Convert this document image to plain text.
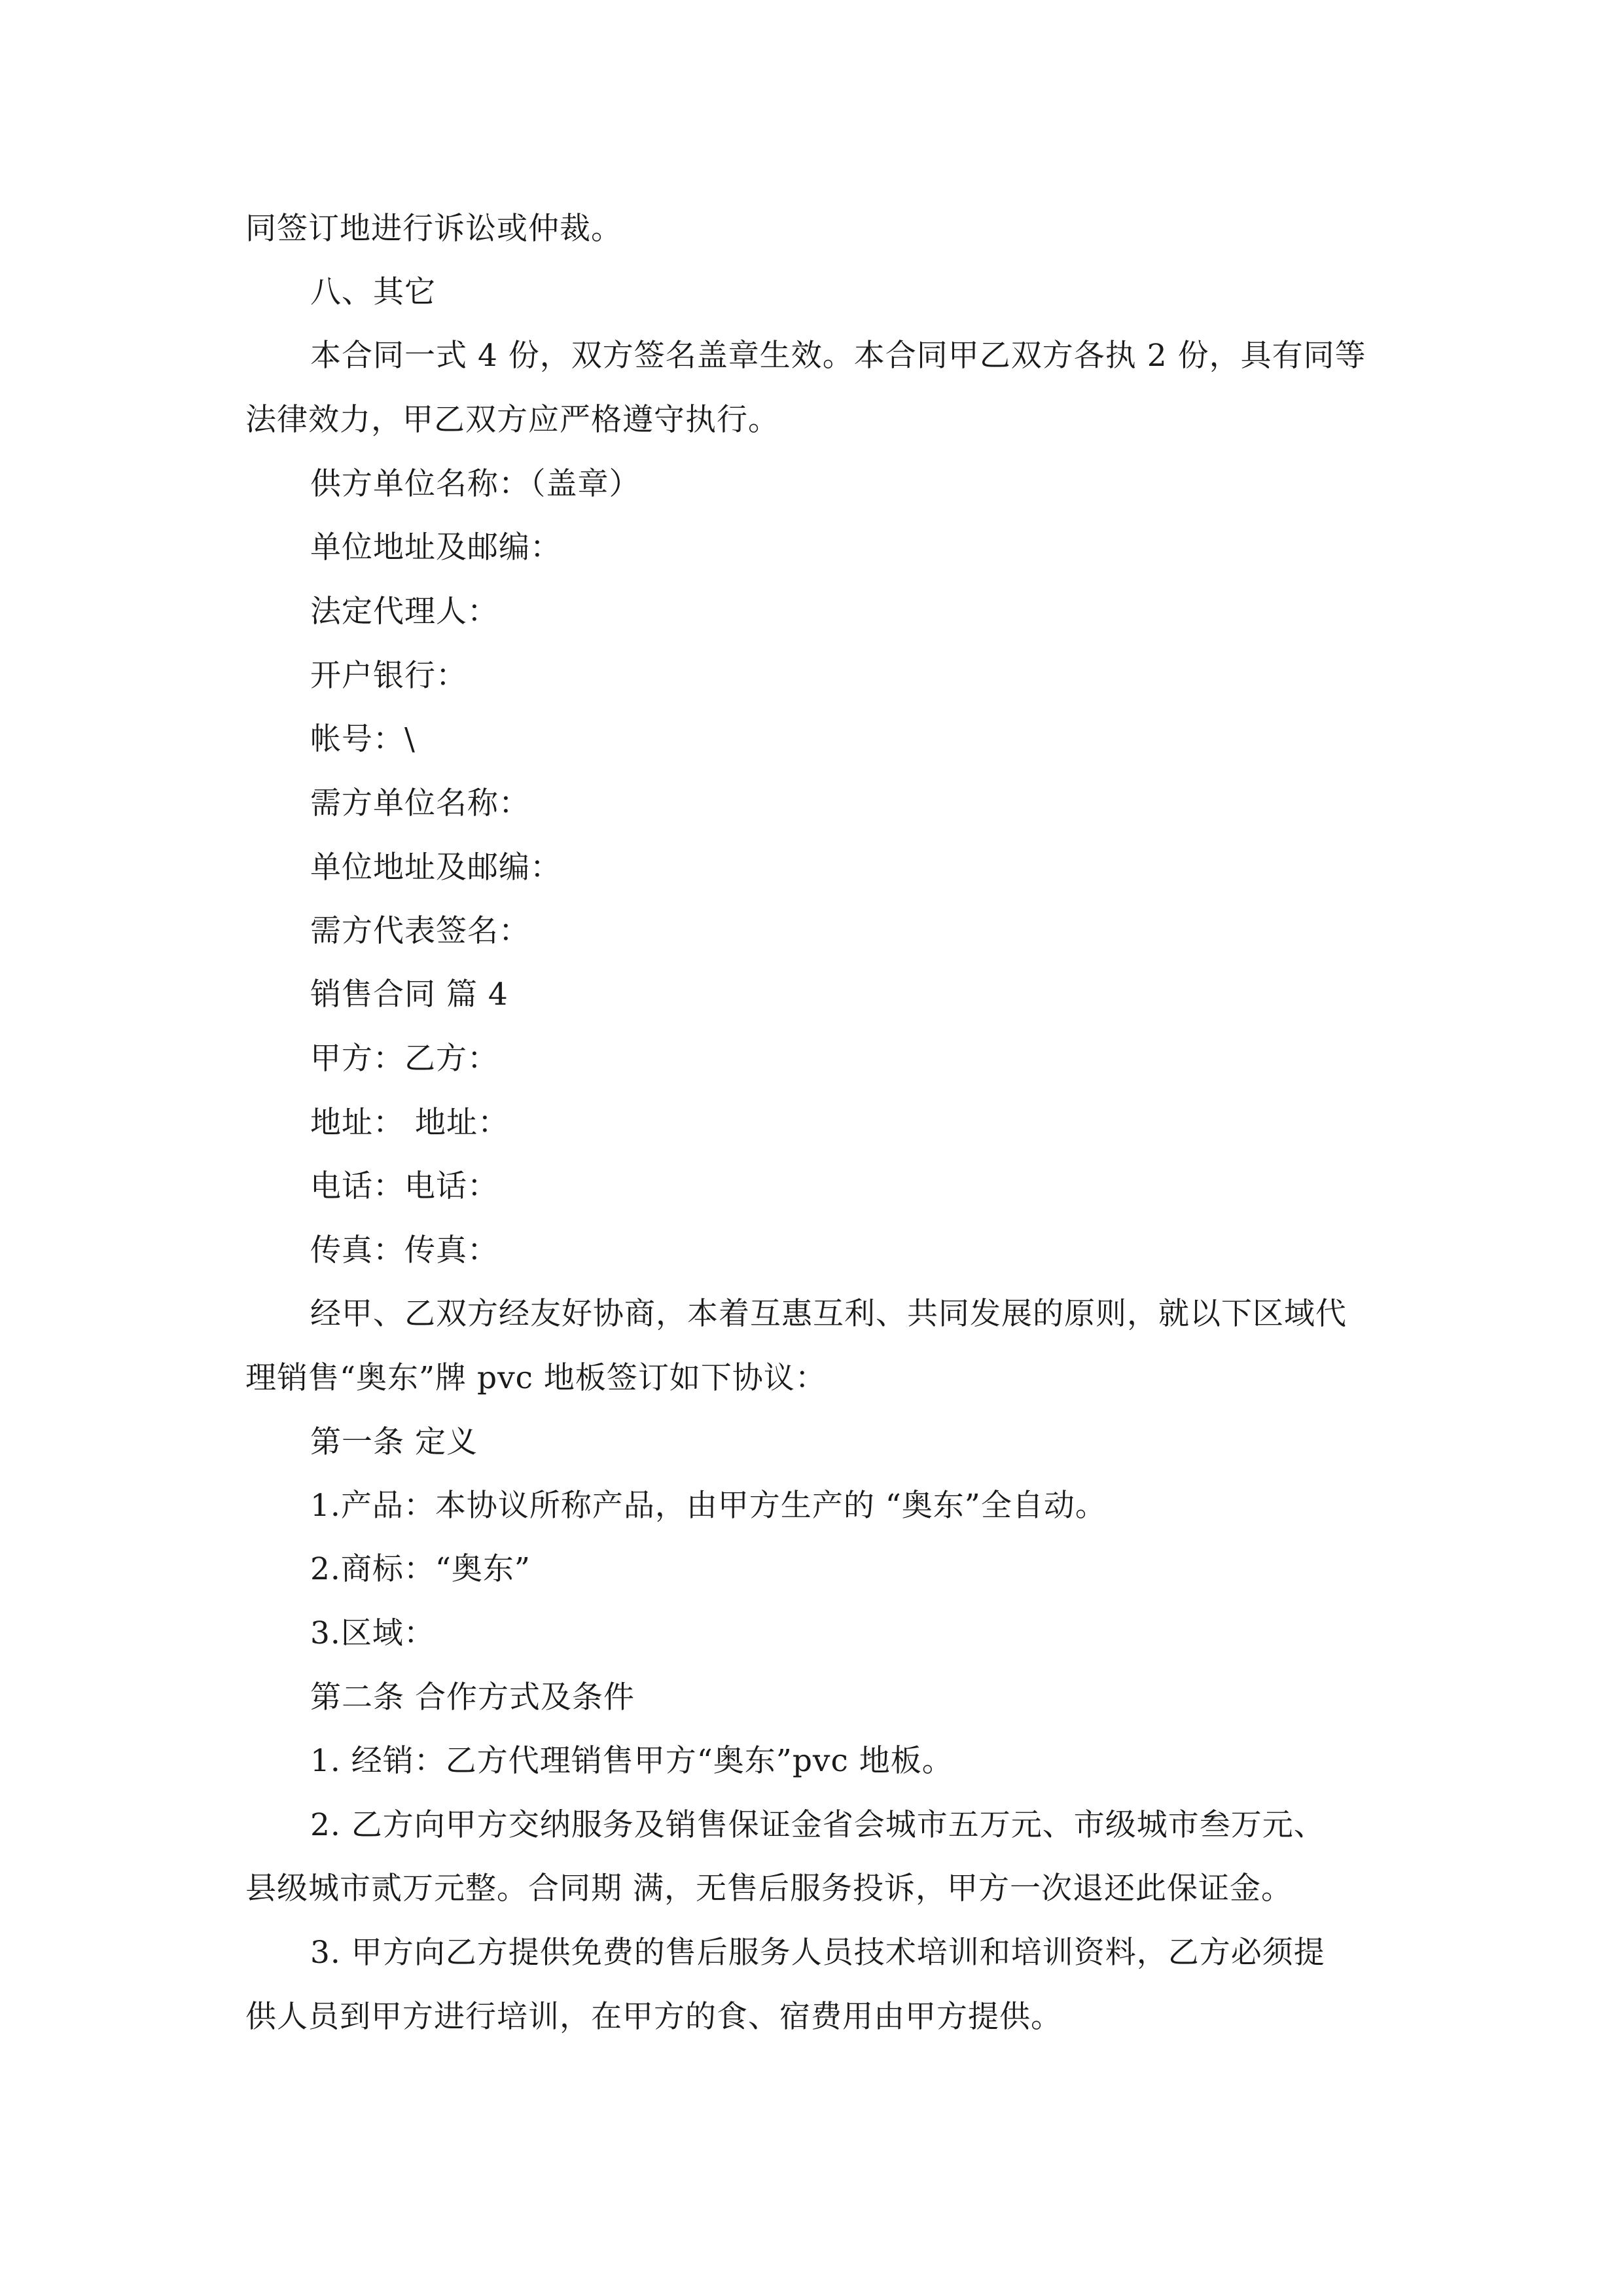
同签订地进行诉讼或仲裁。
八、其它
本合同一式 4 份，双方签名盖章生效。本合同甲乙双方各执 2 份，具有同等
法律效力，甲乙双方应严格遵守执行。
供方单位名称：（盖章）
单位地址及邮编：
法定代理人：
开户银行：
帐号：\
需方单位名称：
单位地址及邮编：
需方代表签名：
销售合同 篇 4
甲方：乙方：
地址： 地址：
电话：电话：
传真：传真：
经甲、乙双方经友好协商，本着互惠互利、共同发展的原则，就以下区域代
理销售“奥东”牌 pvc 地板签订如下协议：
第一条 定义
1.产品：本协议所称产品，由甲方生产的 “奥东”全自动。
2.商标：“奥东”
3.区域：
第二条 合作方式及条件
1. 经销：乙方代理销售甲方“奥东”pvc 地板。
2. 乙方向甲方交纳服务及销售保证金省会城市五万元、市级城市叁万元、
县级城市贰万元整。合同期 满，无售后服务投诉，甲方一次退还此保证金。
3. 甲方向乙方提供免费的售后服务人员技术培训和培训资料，乙方必须提
供人员到甲方进行培训，在甲方的食、宿费用由甲方提供。
